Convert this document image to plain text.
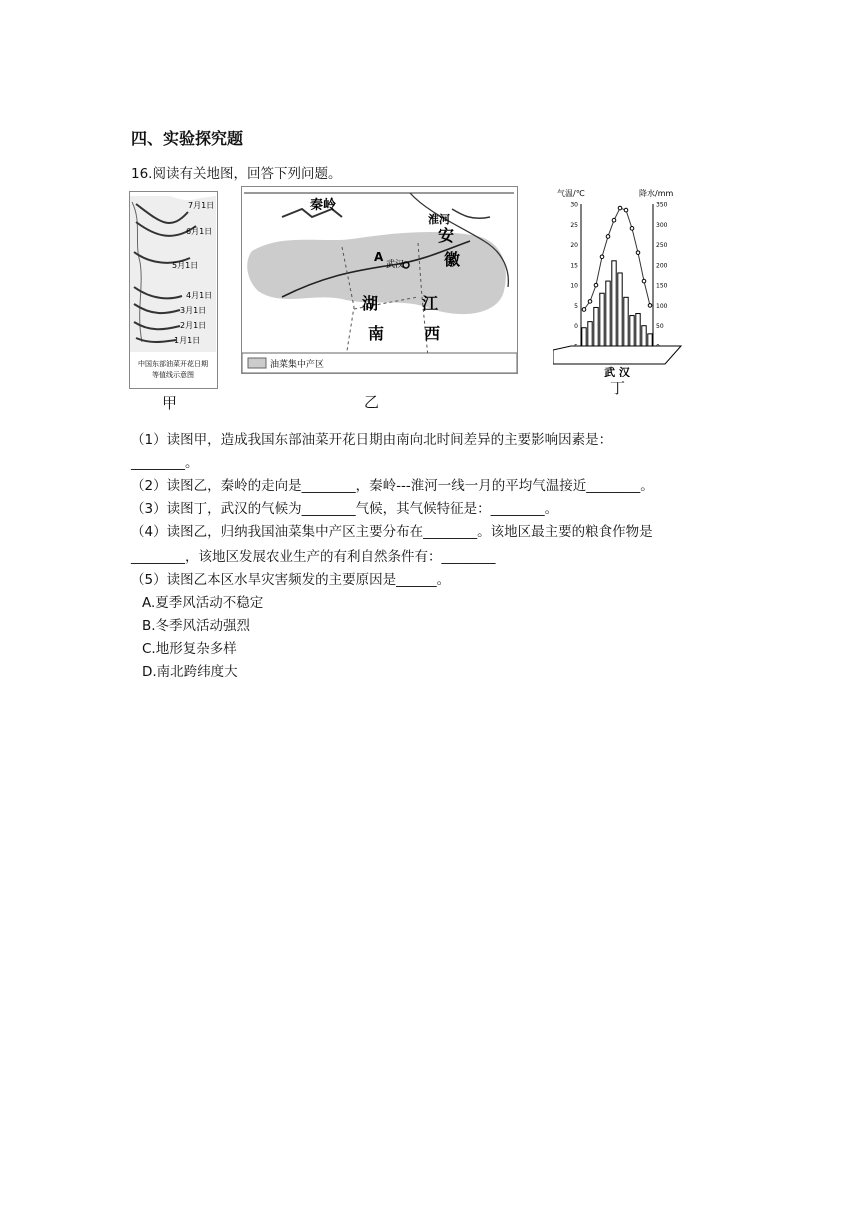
四、实验探究题
16.阅读有关地图，回答下列问题。
7月1日
6月1日
5月1日
4月1日
3月1日
2月1日
1月1日
中国东部油菜开花日期
等值线示意图
甲
秦岭
淮河
安
徽
A
武汉
湖
南
江
西
油菜集中产区
乙
气温/℃	降水/mm
30
25
20
15
10
5
0
350
300
250
200
150
100
50
武 汉
丁
（1）读图甲，造成我国东部油菜开花日期由南向北时间差异的主要影响因素是：
________。
（2）读图乙，秦岭的走向是________，秦岭---淮河一线一月的平均气温接近________。
（3）读图丁，武汉的气候为________气候，其气候特征是：________。
（4）读图乙，归纳我国油菜集中产区主要分布在________。该地区最主要的粮食作物是
________，该地区发展农业生产的有利自然条件有：________
（5）读图乙本区水旱灾害频发的主要原因是______。
A.夏季风活动不稳定
B.冬季风活动强烈
C.地形复杂多样
D.南北跨纬度大
